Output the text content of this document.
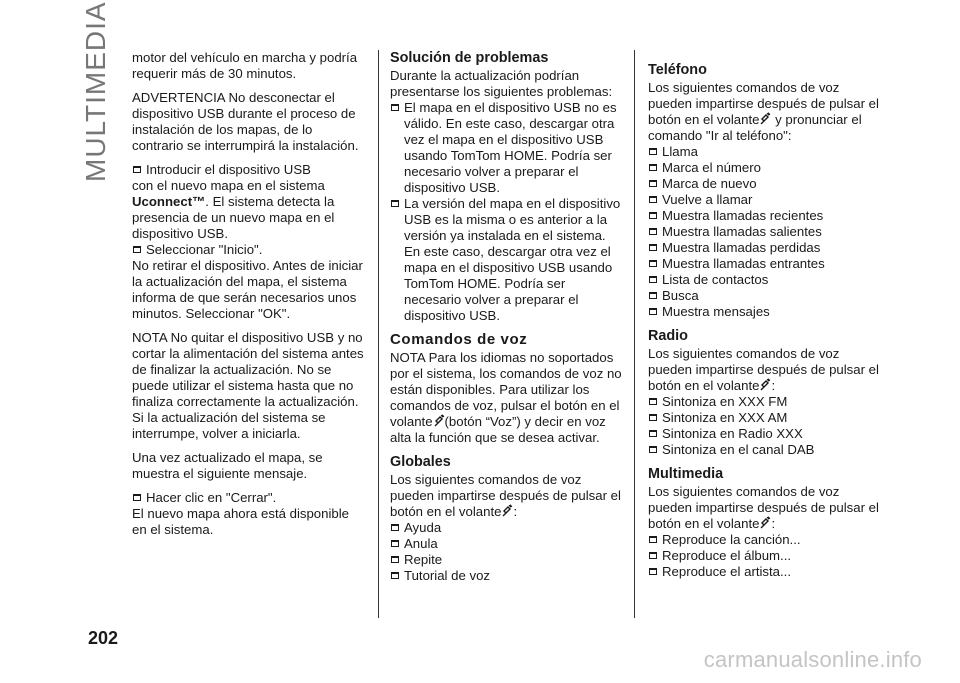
MULTIMEDIA
202

motor del vehículo en marcha y podría requerir más de 30 minutos.

ADVERTENCIA No desconectar el dispositivo USB durante el proceso de instalación de los mapas, de lo contrario se interrumpirá la instalación.

Introducir el dispositivo USB

con el nuevo mapa en el sistema Uconnect™. El sistema detecta la presencia de un nuevo mapa en el dispositivo USB.

Seleccionar "Inicio".

No retirar el dispositivo. Antes de iniciar la actualización del mapa, el sistema informa de que serán necesarios unos minutos. Seleccionar "OK".

NOTA No quitar el dispositivo USB y no cortar la alimentación del sistema antes de finalizar la actualización. No se puede utilizar el sistema hasta que no finaliza correctamente la actualización. Si la actualización del sistema se interrumpe, volver a iniciarla.

Una vez actualizado el mapa, se muestra el siguiente mensaje.

Hacer clic en "Cerrar".

El nuevo mapa ahora está disponible en el sistema.

Solución de problemas

Durante la actualización podrían presentarse los siguientes problemas:

El mapa en el dispositivo USB no es válido. En este caso, descargar otra vez el mapa en el dispositivo USB usando TomTom HOME. Podría ser necesario volver a preparar el dispositivo USB.

La versión del mapa en el dispositivo USB es la misma o es anterior a la versión ya instalada en el sistema. En este caso, descargar otra vez el mapa en el dispositivo USB usando TomTom HOME. Podría ser necesario volver a preparar el dispositivo USB.

Comandos de voz

NOTA Para los idiomas no soportados por el sistema, los comandos de voz no están disponibles. Para utilizar los comandos de voz, pulsar el botón en el volante (botón “Voz”) y decir en voz alta la función que se desea activar.

Globales

Los siguientes comandos de voz pueden impartirse después de pulsar el botón en el volante :

Ayuda

Anula

Repite

Tutorial de voz

Teléfono

Los siguientes comandos de voz pueden impartirse después de pulsar el botón en el volante y pronunciar el comando "Ir al teléfono":

Llama

Marca el número

Marca de nuevo

Vuelve a llamar

Muestra llamadas recientes

Muestra llamadas salientes

Muestra llamadas perdidas

Muestra llamadas entrantes

Lista de contactos

Busca

Muestra mensajes

Radio

Los siguientes comandos de voz pueden impartirse después de pulsar el botón en el volante :

Sintoniza en XXX FM

Sintoniza en XXX AM

Sintoniza en Radio XXX

Sintoniza en el canal DAB

Multimedia

Los siguientes comandos de voz pueden impartirse después de pulsar el botón en el volante :

Reproduce la canción...

Reproduce el álbum...

Reproduce el artista...

carmanualsonline.info
